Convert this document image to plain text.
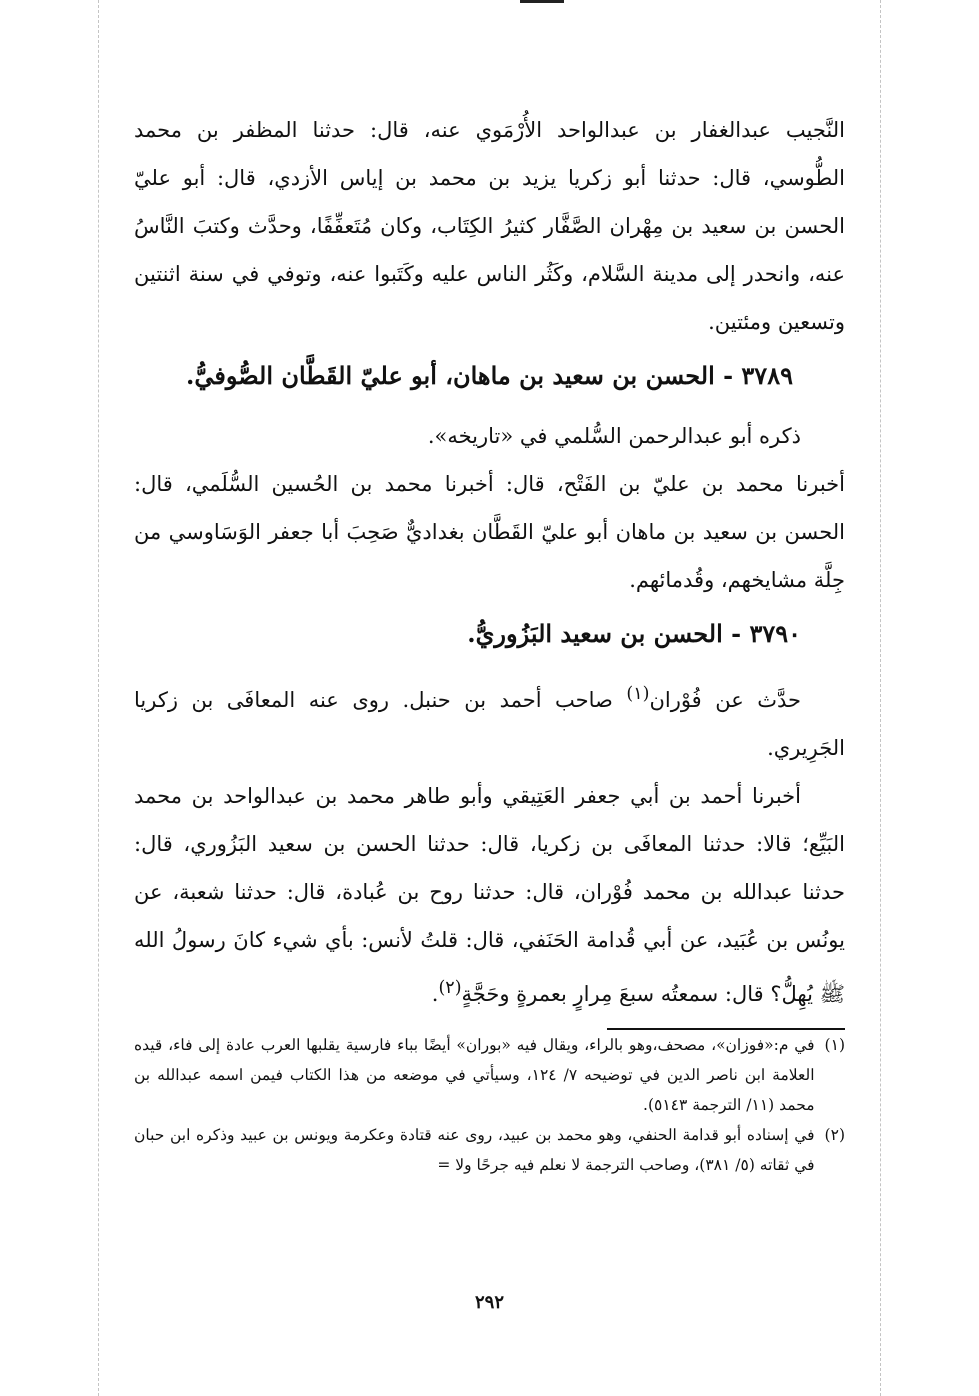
النَّجيب عبدالغفار بن عبدالواحد الأُرْمَوي عنه، قال: حدثنا المظفر بن محمد الطُّوسي، قال: حدثنا أبو زكريا يزيد بن محمد بن إياس الأزدي، قال: أبو عليّ الحسن بن سعيد بن مِهْران الصَّفَّار كثيرُ الكِتَاب، وكان مُتَعفِّفًا، وحدَّث وكتبَ النَّاسُ عنه، وانحدر إلى مدينة السَّلام، وكَثُر الناس عليه وكَتَبوا عنه، وتوفي في سنة اثنتين وتسعين ومئتين.

٣٧٨٩ - الحسن بن سعيد بن ماهان، أبو عليّ القَطَّان الصُّوفيُّ.

ذكره أبو عبدالرحمن السُّلمي في «تاريخه».

أخبرنا محمد بن عليّ بن الفَتْح، قال: أخبرنا محمد بن الحُسين السُّلَمي، قال: الحسن بن سعيد بن ماهان أبو عليّ القَطَّان بغداديٌّ صَحِبَ أبا جعفر الوَسَاوسي من جِلَّة مشايخهم، وقُدمائهم.

٣٧٩٠ - الحسن بن سعيد البَزُوريُّ.

حدَّث عن فُوْران$^{(١)}$ صاحب أحمد بن حنبل. روى عنه المعافَى بن زكريا الجَرِيري.

أخبرنا أحمد بن أبي جعفر العَتِيقي وأبو طاهر محمد بن عبدالواحد بن محمد البَيِّع؛ قالا: حدثنا المعافَى بن زكريا، قال: حدثنا الحسن بن سعيد البَزُوري، قال: حدثنا عبدالله بن محمد فُوْران، قال: حدثنا روح بن عُبادة، قال: حدثنا شعبة، عن يونُس بن عُبَيد، عن أبي قُدامة الحَنَفي، قال: قلتُ لأنس: بأي شيء كانَ رسولُ الله ﷺ يُهِلُّ؟ قال: سمعتُه سبعَ مِرارٍ بعمرةٍ وحَجَّةٍ$^{(٢)}$.

(١)
في م:«فوزان»، مصحف،وهو بالراء، ويقال فيه «بوران» أيضًا بباء فارسية يقلبها العرب عادة إلى فاء، قيده العلامة ابن ناصر الدين في توضيحه ٧/ ١٢٤، وسيأتي في موضعه من هذا الكتاب فيمن اسمه عبدالله بن محمد (١١/ الترجمة ٥١٤٣).
(٢)
في إسناده أبو قدامة الحنفي، وهو محمد بن عبيد، روى عنه قتادة وعكرمة ويونس بن عبيد وذكره ابن حبان في ثقاته (٥/ ٣٨١)، وصاحب الترجمة لا نعلم فيه جرحًا ولا =
٢٩٢
